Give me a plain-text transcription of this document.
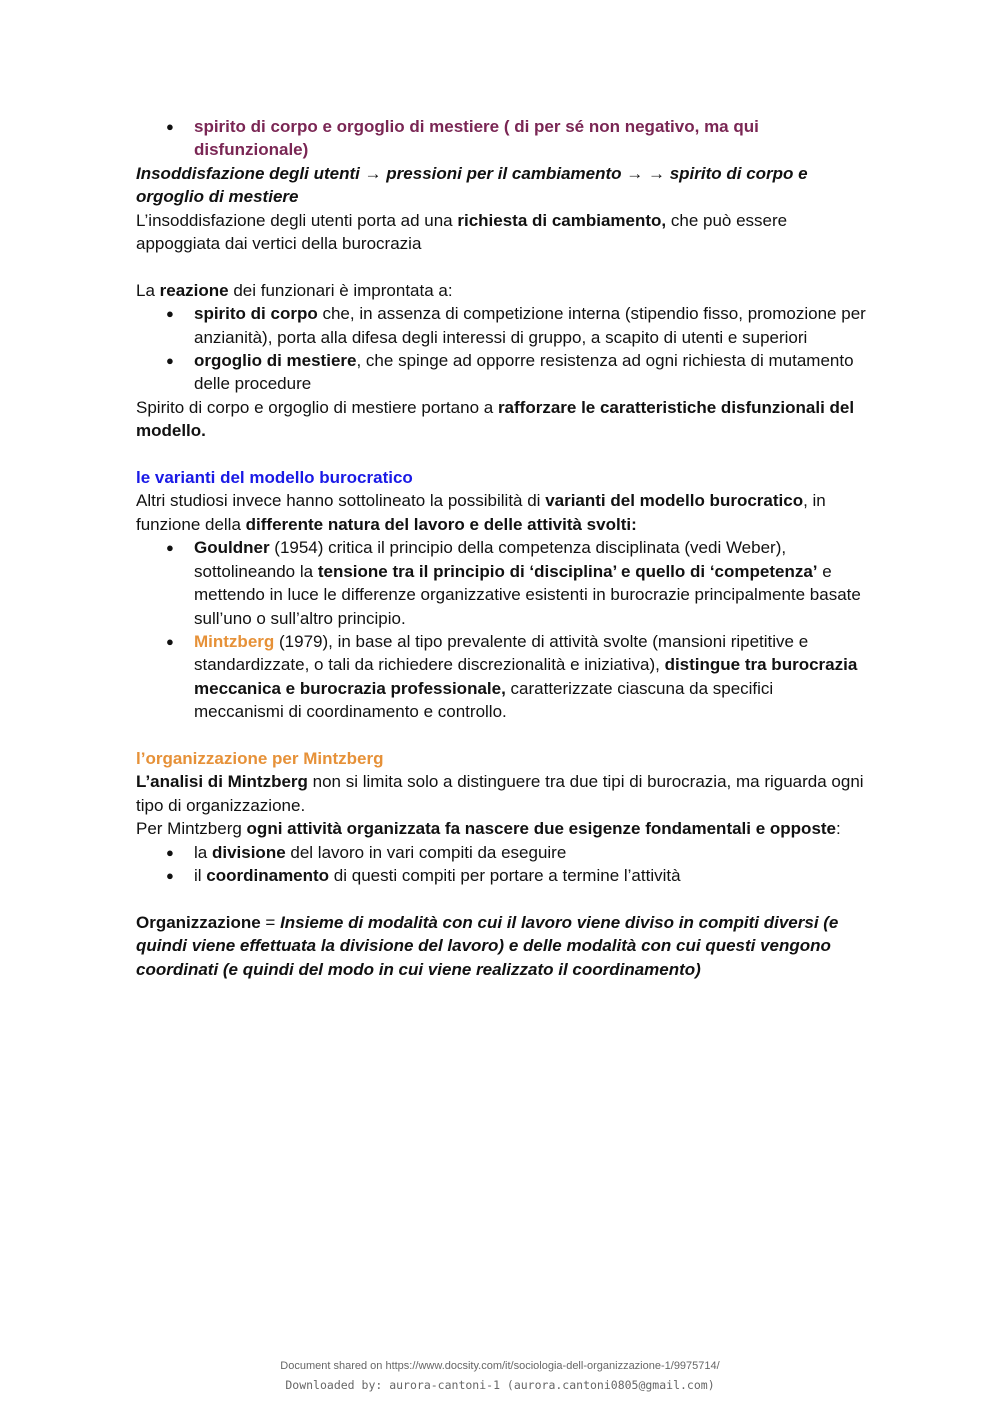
● spirito di corpo e orgoglio di mestiere ( di per sé non negativo, ma qui disfunzionale)

Insoddisfazione degli utenti → pressioni per il cambiamento → → spirito di corpo e orgoglio di mestiere

L’insoddisfazione degli utenti porta ad una richiesta di cambiamento, che può essere appoggiata dai vertici della burocrazia

La reazione dei funzionari è improntata a:

● spirito di corpo che, in assenza di competizione interna (stipendio fisso, promozione per anzianità), porta alla difesa degli interessi di gruppo, a scapito di utenti e superiori
● orgoglio di mestiere, che spinge ad opporre resistenza ad ogni richiesta di mutamento delle procedure

Spirito di corpo e orgoglio di mestiere portano a rafforzare le caratteristiche disfunzionali del modello.

le varianti del modello burocratico

Altri studiosi invece hanno sottolineato la possibilità di varianti del modello burocratico, in funzione della differente natura del lavoro e delle attività svolti:

● Gouldner (1954) critica il principio della competenza disciplinata (vedi Weber), sottolineando la tensione tra il principio di ‘disciplina’ e quello di ‘competenza’ e mettendo in luce le differenze organizzative esistenti in burocrazie principalmente basate sull’uno o sull’altro principio.
● Mintzberg (1979), in base al tipo prevalente di attività svolte (mansioni ripetitive e standardizzate, o tali da richiedere discrezionalità e iniziativa), distingue tra burocrazia meccanica e burocrazia professionale, caratterizzate ciascuna da specifici meccanismi di coordinamento e controllo.

l’organizzazione per Mintzberg

L’analisi di Mintzberg non si limita solo a distinguere tra due tipi di burocrazia, ma riguarda ogni tipo di organizzazione.

Per Mintzberg ogni attività organizzata fa nascere due esigenze fondamentali e opposte:

● la divisione del lavoro in vari compiti da eseguire
● il coordinamento di questi compiti per portare a termine l’attività

Organizzazione = Insieme di modalità con cui il lavoro viene diviso in compiti diversi (e quindi viene effettuata la divisione del lavoro) e delle modalità con cui questi vengono coordinati (e quindi del modo in cui viene realizzato il coordinamento)

Document shared on https://www.docsity.com/it/sociologia-dell-organizzazione-1/9975714/
Downloaded by: aurora-cantoni-1 (aurora.cantoni0805@gmail.com)
